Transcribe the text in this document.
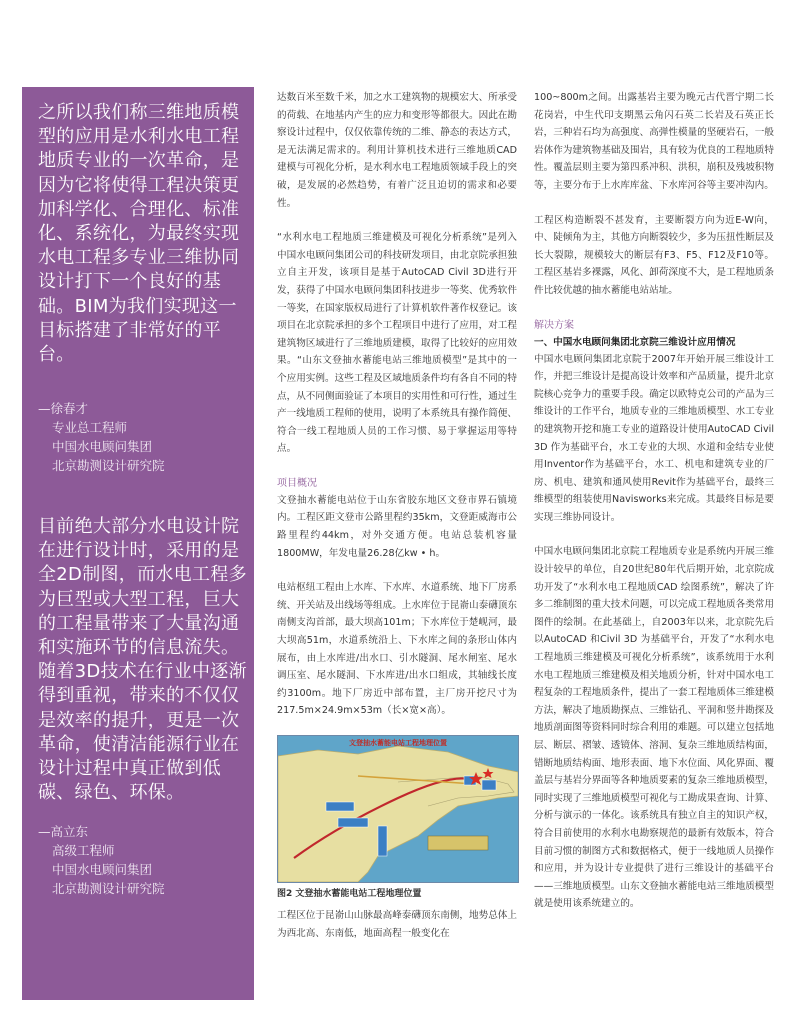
之所以我们称三维地质模型的应用是水利水电工程地质专业的一次革命，是因为它将使得工程决策更加科学化、合理化、标准化、系统化，为最终实现水电工程多专业三维协同设计打下一个良好的基础。BIM为我们实现这一目标搭建了非常好的平台。
—徐春才
专业总工程师
中国水电顾问集团
北京勘测设计研究院
目前绝大部分水电设计院在进行设计时，采用的是全2D制图，而水电工程多为巨型或大型工程，巨大的工程量带来了大量沟通和实施环节的信息流失。随着3D技术在行业中逐渐得到重视，带来的不仅仅是效率的提升，更是一次革命，使清洁能源行业在设计过程中真正做到低碳、绿色、环保。
—高立东
高级工程师
中国水电顾问集团
北京勘测设计研究院

达数百米至数千米，加之水工建筑物的规模宏大、所承受的荷载、在地基内产生的应力和变形等都很大。因此在勘察设计过程中，仅仅依靠传统的二维、静态的表达方式，是无法满足需求的。利用计算机技术进行三维地质CAD建模与可视化分析，是水利水电工程地质领域手段上的突破，是发展的必然趋势，有着广泛且迫切的需求和必要性。

“水利水电工程地质三维建模及可视化分析系统”是列入中国水电顾问集团公司的科技研发项目，由北京院承担独立自主开发，该项目是基于AutoCAD Civil 3D进行开发，获得了中国水电顾问集团科技进步一等奖、优秀软件一等奖，在国家版权局进行了计算机软件著作权登记。该项目在北京院承担的多个工程项目中进行了应用，对工程建筑物区域进行了三维地质建模，取得了比较好的应用效果。“山东文登抽水蓄能电站三维地质模型”是其中的一个应用实例。这些工程及区域地质条件均有各自不同的特点，从不同侧面验证了本项目的实用性和可行性，通过生产一线地质工程师的使用，说明了本系统具有操作简便、符合一线工程地质人员的工作习惯、易于掌握运用等特点。

项目概况

文登抽水蓄能电站位于山东省胶东地区文登市界石镇境内。工程区距文登市公路里程约35km，文登距威海市公路里程约44km，对外交通方便。电站总装机容量1800MW，年发电量26.28亿kw • h。

电站枢纽工程由上水库、下水库、水道系统、地下厂房系统、开关站及出线场等组成。上水库位于昆嵛山泰礴顶东南侧支沟首部，最大坝高101m；下水库位于楚岘河，最大坝高51m，水道系统沿上、下水库之间的条形山体内展布，由上水库进/出水口、引水隧洞、尾水闸室、尾水调压室、尾水隧洞、下水库进/出水口组成，其轴线长度约3100m。地下厂房近中部布置，主厂房开挖尺寸为217.5m×24.9m×53m（长×宽×高）。

文登抽水蓄能电站工程地理位置
图2 文登抽水蓄能电站工程地理位置
工程区位于昆嵛山山脉最高峰泰礴顶东南侧，地势总体上为西北高、东南低，地面高程一般变化在

100~800m之间。出露基岩主要为晚元古代晋宁期二长花岗岩，中生代印支期黑云角闪石英二长岩及石英正长岩，三种岩石均为高强度、高弹性模量的坚硬岩石，一般岩体作为建筑物基础及围岩，具有较为优良的工程地质特性。覆盖层则主要为第四系冲积、洪积，崩积及残坡积物等，主要分布于上水库库盆、下水库河谷等主要冲沟内。

工程区构造断裂不甚发育，主要断裂方向为近E-W向，中、陡倾角为主，其他方向断裂较少，多为压扭性断层及长大裂隙，规模较大的断层有F3、F5、F12及F10等。工程区基岩多裸露，风化、卸荷深度不大，是工程地质条件比较优越的抽水蓄能电站站址。

解决方案

一、中国水电顾问集团北京院三维设计应用情况

中国水电顾问集团北京院于2007年开始开展三维设计工作，并把三维设计是提高设计效率和产品质量，提升北京院核心竞争力的重要手段。确定以欧特克公司的产品为三维设计的工作平台，地质专业的三维地质模型、水工专业的建筑物开挖和施工专业的道路设计使用AutoCAD Civil 3D 作为基础平台，水工专业的大坝、水道和金结专业使用Inventor作为基础平台，水工、机电和建筑专业的厂房、机电、建筑和通风使用Revit作为基础平台，最终三维模型的组装使用Navisworks来完成。其最终目标是要实现三维协同设计。

中国水电顾问集团北京院工程地质专业是系统内开展三维设计较早的单位，自20世纪80年代后期开始，北京院成功开发了“水利水电工程地质CAD 绘图系统”，解决了许多二维制图的重大技术问题，可以完成工程地质各类常用图件的绘制。在此基础上，自2003年以来，北京院先后以AutoCAD 和Civil 3D 为基础平台，开发了“水利水电工程地质三维建模及可视化分析系统”，该系统用于水利水电工程地质三维建模及相关地质分析，针对中国水电工程复杂的工程地质条件，提出了一套工程地质体三维建模方法，解决了地质勘探点、三维钻孔、平洞和竖井勘探及地质剖面图等资料同时综合利用的难题。可以建立包括地层、断层、褶皱、透镜体、溶洞、复杂三维地质结构面，错断地质结构面、地形表面、地下水位面、风化界面、覆盖层与基岩分界面等各种地质要素的复杂三维地质模型，同时实现了三维地质模型可视化与工勘成果查询、计算、分析与演示的一体化。该系统具有独立自主的知识产权，符合目前使用的水利水电勘察规范的最新有效版本，符合目前习惯的制图方式和数据格式，便于一线地质人员操作和应用，并为设计专业提供了进行三维设计的基础平台——三维地质模型。山东文登抽水蓄能电站三维地质模型就是使用该系统建立的。
